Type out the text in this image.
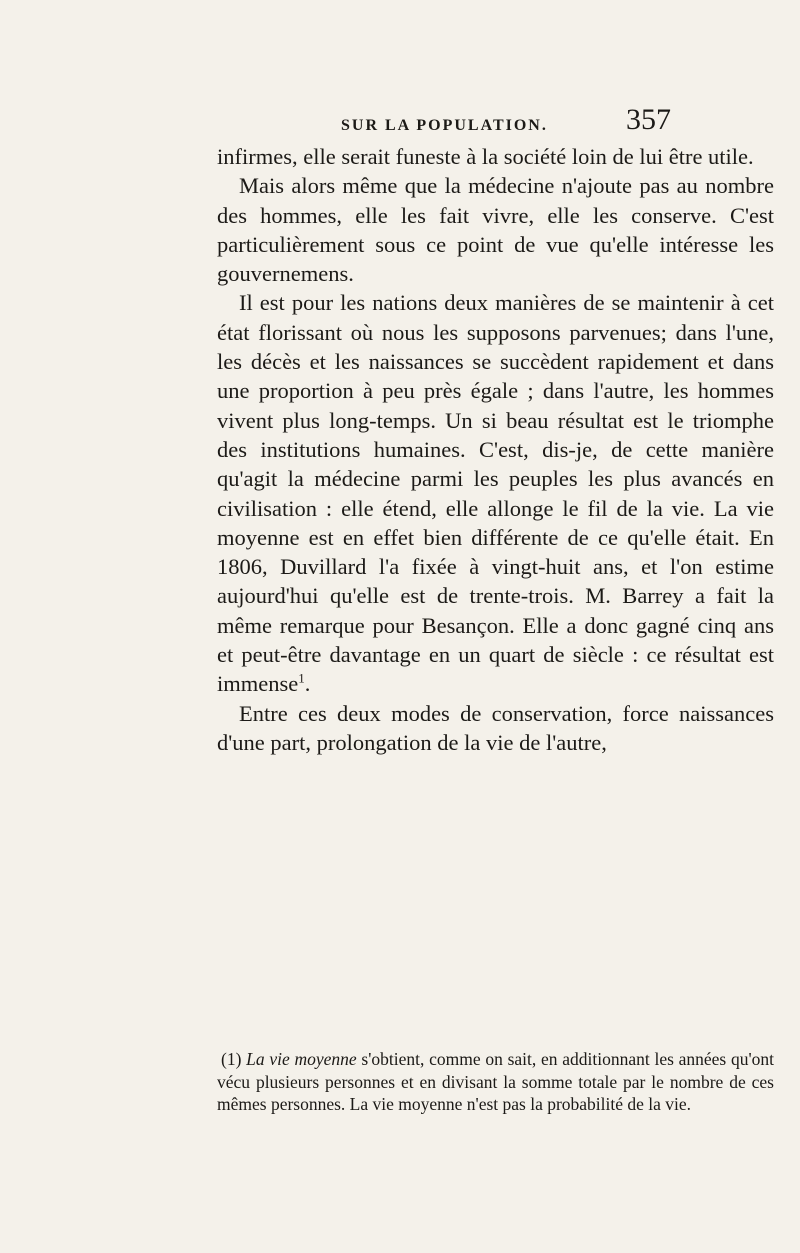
SUR LA POPULATION.	357

infirmes, elle serait funeste à la société loin de lui être utile.

Mais alors même que la médecine n'ajoute pas au nombre des hommes, elle les fait vivre, elle les conserve. C'est particulièrement sous ce point de vue qu'elle intéresse les gouvernemens.

Il est pour les nations deux manières de se maintenir à cet état florissant où nous les supposons parvenues; dans l'une, les décès et les naissances se succèdent rapidement et dans une proportion à peu près égale ; dans l'autre, les hommes vivent plus long-temps. Un si beau résultat est le triomphe des institutions humaines. C'est, dis-je, de cette manière qu'agit la médecine parmi les peuples les plus avancés en civilisation : elle étend, elle allonge le fil de la vie. La vie moyenne est en effet bien différente de ce qu'elle était. En 1806, Duvillard l'a fixée à vingt-huit ans, et l'on estime aujourd'hui qu'elle est de trente-trois. M. Barrey a fait la même remarque pour Besançon. Elle a donc gagné cinq ans et peut-être davantage en un quart de siècle : ce résultat est immense$^1$.

Entre ces deux modes de conservation, force naissances d'une part, prolongation de la vie de l'autre,

(1) La vie moyenne s'obtient, comme on sait, en additionnant les années qu'ont vécu plusieurs personnes et en divisant la somme totale par le nombre de ces mêmes personnes. La vie moyenne n'est pas la probabilité de la vie.
